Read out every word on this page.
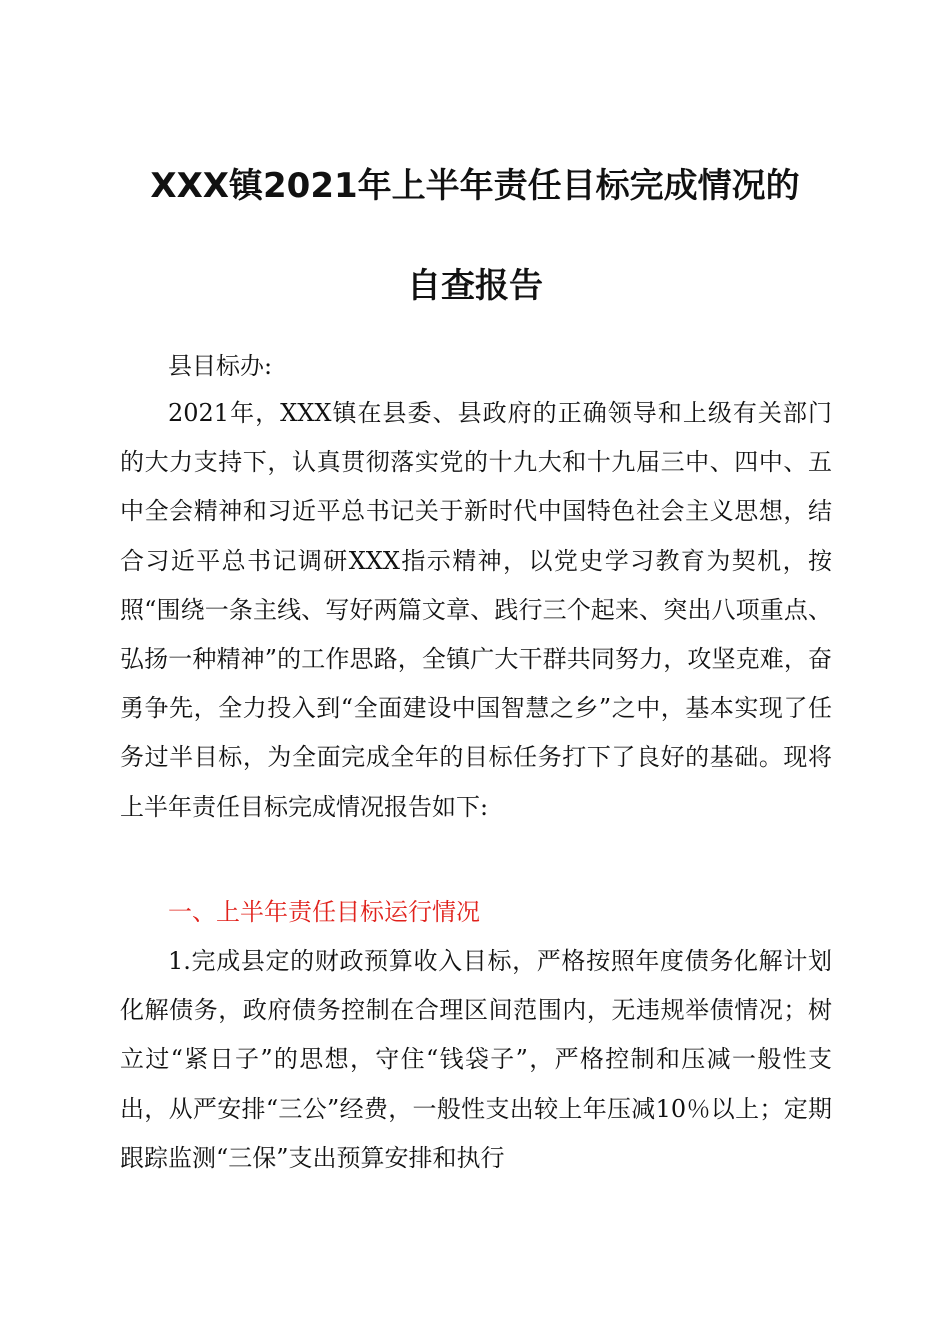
XXX镇2021年上半年责任目标完成情况的
自查报告
县目标办:
2021年，XXX镇在县委、县政府的正确领导和上级有关部门的大力支持下，认真贯彻落实党的十九大和十九届三中、四中、五中全会精神和习近平总书记关于新时代中国特色社会主义思想，结合习近平总书记调研XXX指示精神，以党史学习教育为契机，按照“围绕一条主线、写好两篇文章、践行三个起来、突出八项重点、弘扬一种精神”的工作思路，全镇广大干群共同努力，攻坚克难，奋勇争先，全力投入到“全面建设中国智慧之乡”之中，基本实现了任务过半目标，为全面完成全年的目标任务打下了良好的基础。现将上半年责任目标完成情况报告如下:
一、上半年责任目标运行情况
1.完成县定的财政预算收入目标，严格按照年度债务化解计划化解债务，政府债务控制在合理区间范围内，无违规举债情况；树立过“紧日子”的思想，守住“钱袋子”，严格控制和压减一般性支出，从严安排“三公”经费，一般性支出较上年压减10％以上；定期跟踪监测“三保”支出预算安排和执行
